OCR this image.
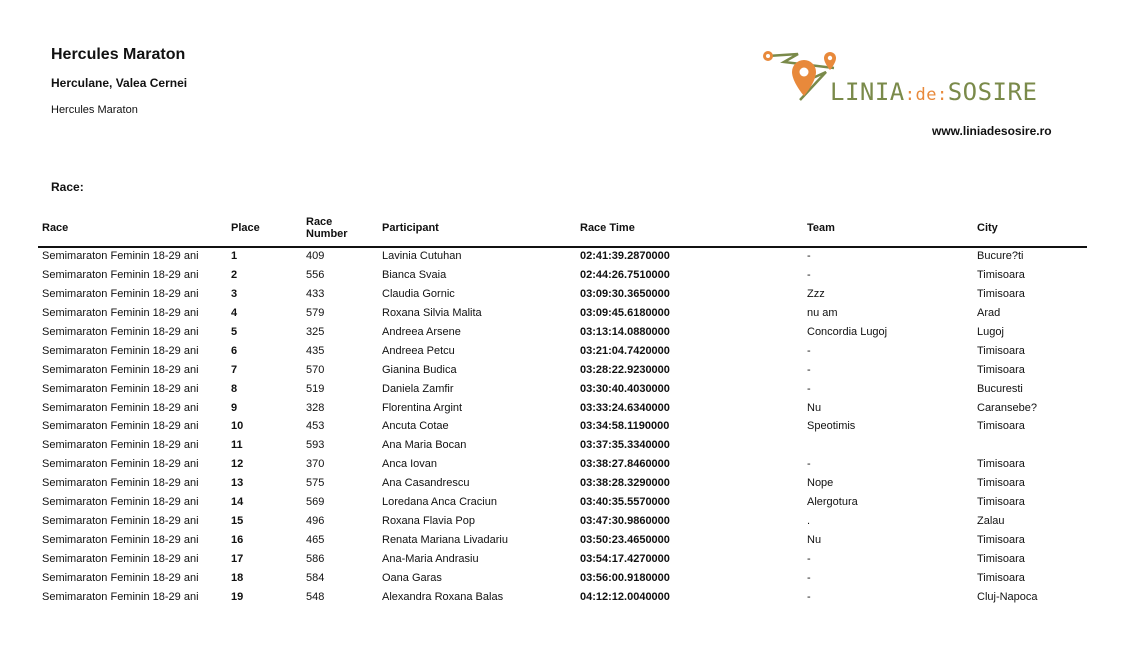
Hercules Maraton
Herculane, Valea Cernei
Hercules Maraton
Race:
LINIA:de:SOSIRE
www.liniadesosire.ro
Race	Place	Race Number	Participant	Race Time	Team	City
Semimaraton Feminin 18-29 ani	1	409	Lavinia Cutuhan	02:41:39.2870000	-	Bucure?ti
Semimaraton Feminin 18-29 ani	2	556	Bianca Svaia	02:44:26.7510000	-	Timisoara
Semimaraton Feminin 18-29 ani	3	433	Claudia Gornic	03:09:30.3650000	Zzz	Timisoara
Semimaraton Feminin 18-29 ani	4	579	Roxana Silvia Malita	03:09:45.6180000	nu am	Arad
Semimaraton Feminin 18-29 ani	5	325	Andreea Arsene	03:13:14.0880000	Concordia Lugoj	Lugoj
Semimaraton Feminin 18-29 ani	6	435	Andreea Petcu	03:21:04.7420000	-	Timisoara
Semimaraton Feminin 18-29 ani	7	570	Gianina Budica	03:28:22.9230000	-	Timisoara
Semimaraton Feminin 18-29 ani	8	519	Daniela Zamfir	03:30:40.4030000	-	Bucuresti
Semimaraton Feminin 18-29 ani	9	328	Florentina Argint	03:33:24.6340000	Nu	Caransebe?
Semimaraton Feminin 18-29 ani	10	453	Ancuta Cotae	03:34:58.1190000	Speotimis	Timisoara
Semimaraton Feminin 18-29 ani	11	593	Ana Maria Bocan	03:37:35.3340000
Semimaraton Feminin 18-29 ani	12	370	Anca Iovan	03:38:27.8460000	-	Timisoara
Semimaraton Feminin 18-29 ani	13	575	Ana Casandrescu	03:38:28.3290000	Nope	Timisoara
Semimaraton Feminin 18-29 ani	14	569	Loredana Anca Craciun	03:40:35.5570000	Alergotura	Timisoara
Semimaraton Feminin 18-29 ani	15	496	Roxana Flavia Pop	03:47:30.9860000	.	Zalau
Semimaraton Feminin 18-29 ani	16	465	Renata Mariana Livadariu	03:50:23.4650000	Nu	Timisoara
Semimaraton Feminin 18-29 ani	17	586	Ana-Maria Andrasiu	03:54:17.4270000	-	Timisoara
Semimaraton Feminin 18-29 ani	18	584	Oana Garas	03:56:00.9180000	-	Timisoara
Semimaraton Feminin 18-29 ani	19	548	Alexandra Roxana Balas	04:12:12.0040000	-	Cluj-Napoca
